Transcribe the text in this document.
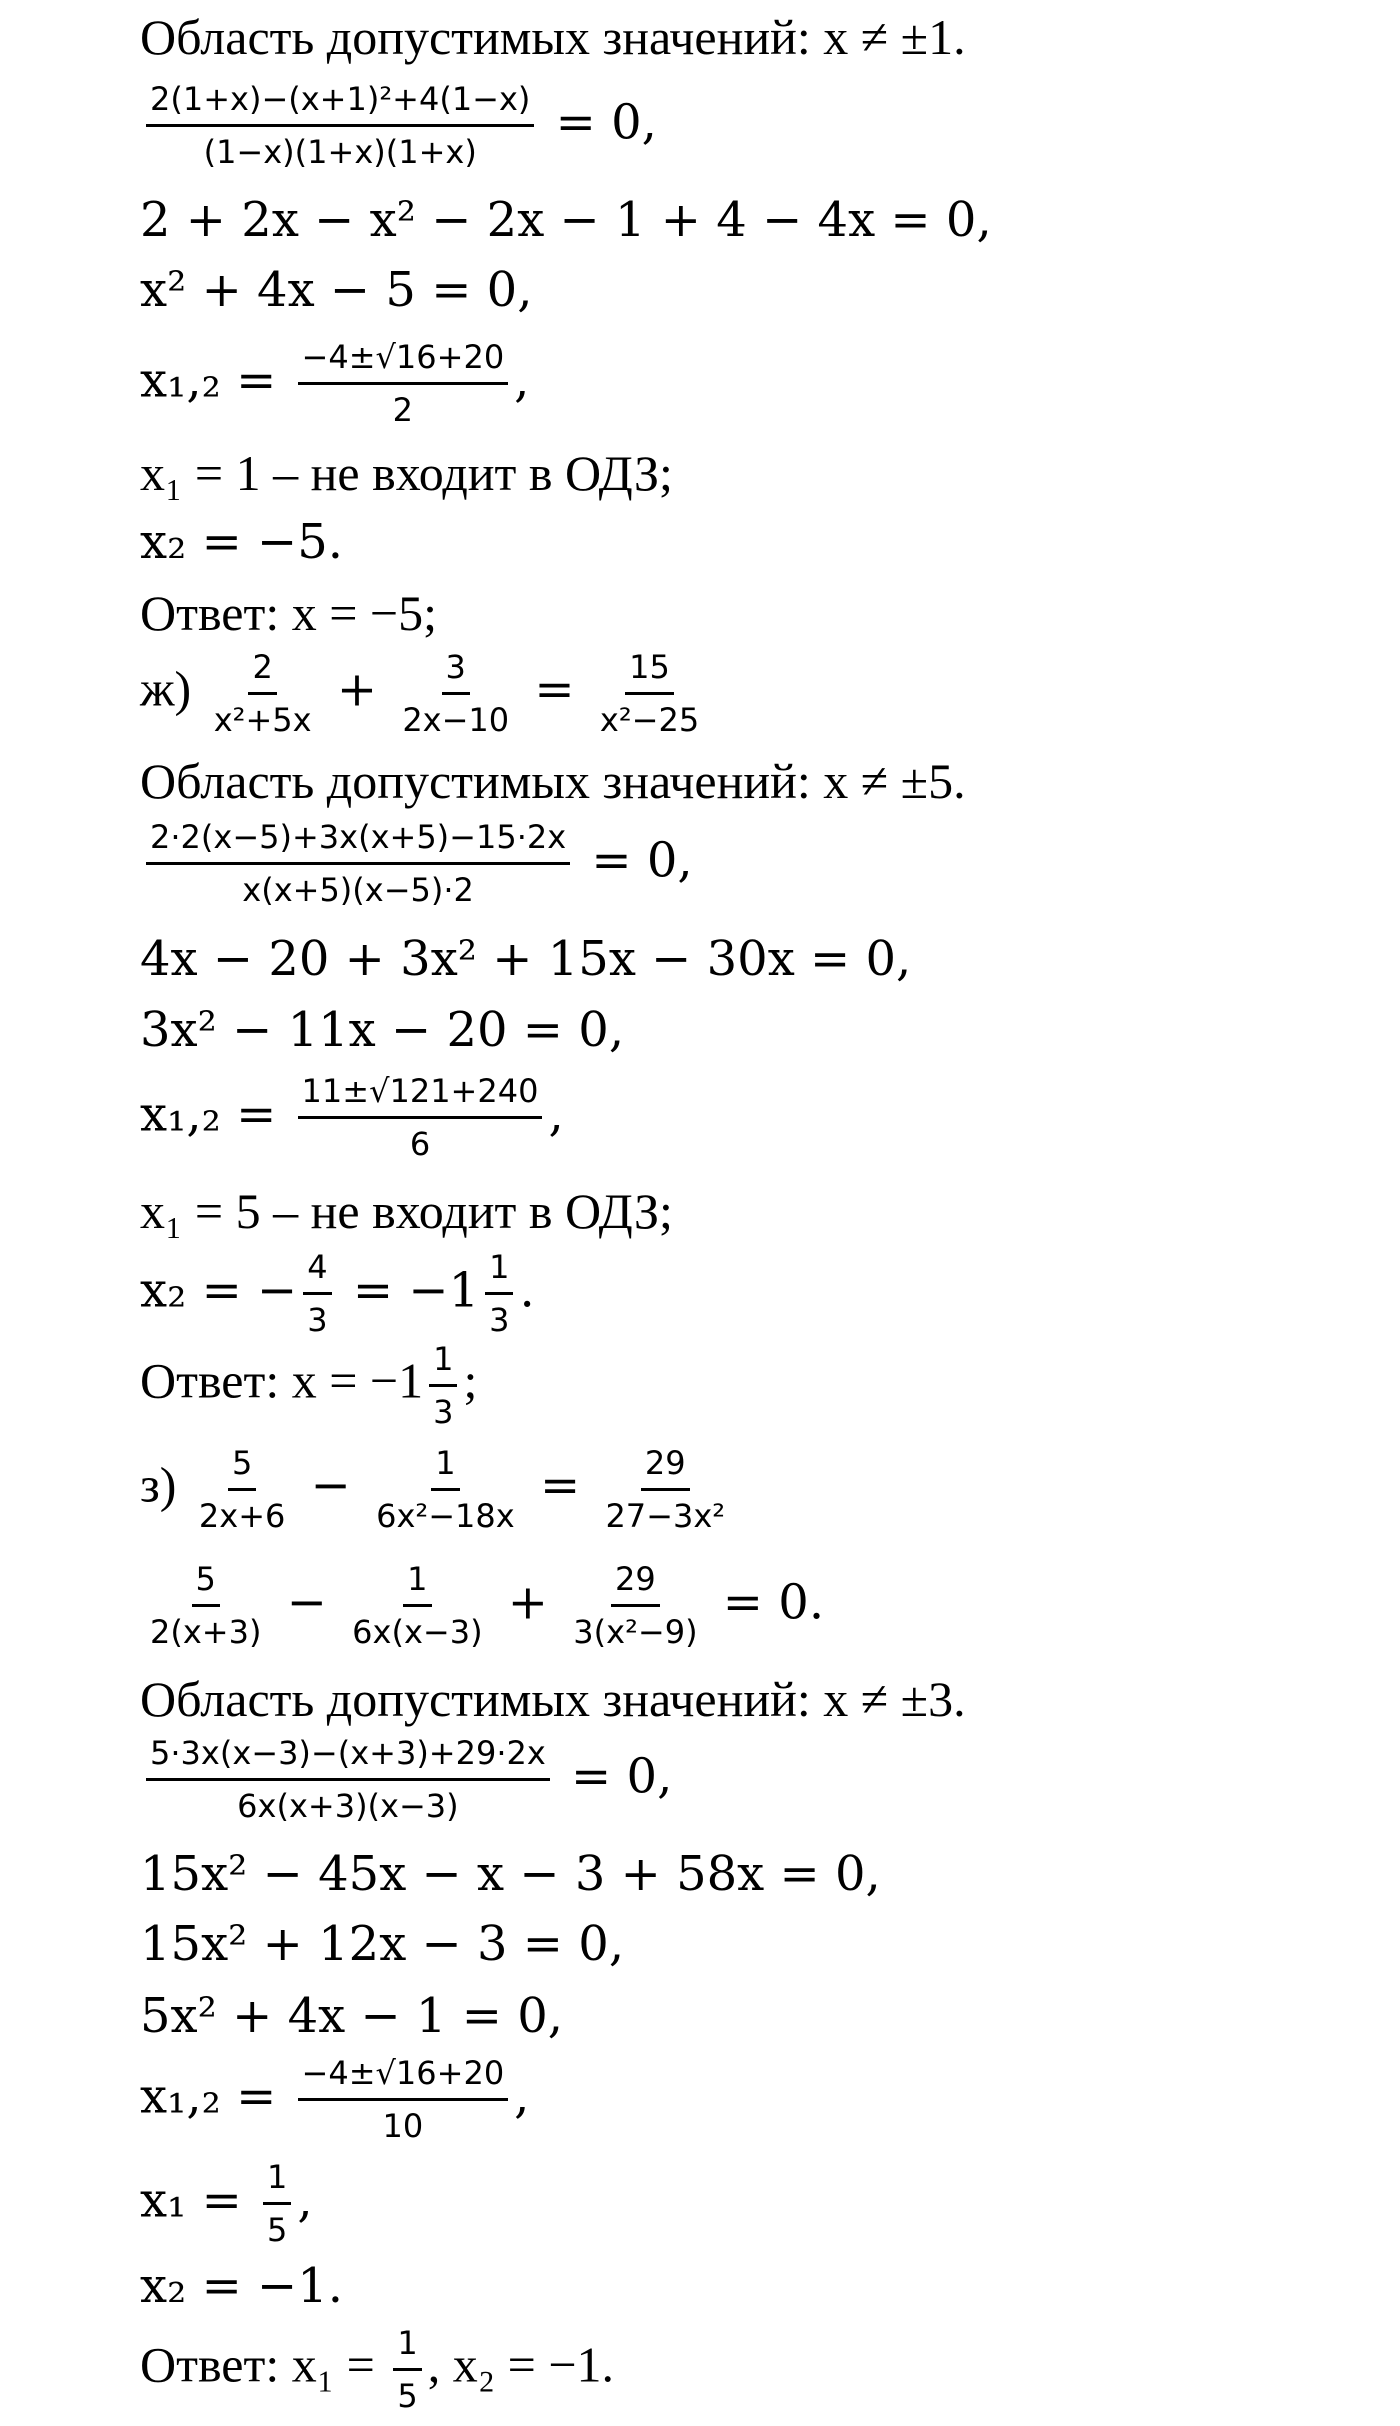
Область допустимых значений: x ≠ ±1.
$\frac{\text{2(1+x)−(x+1)²+4(1−x)}}{(1-x)(1+x)(1+x)} = 0$,
2 + 2x − x² − 2x − 1 + 4 − 4x = 0,
x² + 4x − 5 = 0,
$x_1,_2 = \frac{-4\pm√16+20}{2}$ ,
x₁ = 1 – не входит в ОДЗ;
x₂ = −5.
Ответ: x = −5;
$ж) \frac{2}{\text{x²+5x}} + \frac{3}{2x-10} = \frac{15}{\text{x²−25}}$
Область допустимых значений: x ≠ ±5.
$\frac{2\cdot 2(x-5)+3x(x+5)-15\cdot 2x}{x(x+5)(x-5)\cdot 2} = 0$,
4x − 20 + 3x² + 15x − 30x = 0,
3x² − 11x − 20 = 0,
$x_1,_2 = \frac{11\pm√121+240}{6}$ ,
x₁ = 5 – не входит в ОДЗ;
x₂ = − $\frac{4}{3} = -1 \frac{1}{3}$ .
Ответ: $x = -1 \frac{1}{3}$ ;
$з) \frac{5}{2x+6} - \frac{1}{\text{6x²−18x}} = \frac{29}{\text{27−3x²}}$
$\frac{5}{2(x+3)} - \frac{1}{6x(x-3)} + \frac{29}{\text{3(x²−9)}} = 0$.
Область допустимых значений: x ≠ ±3.
$\frac{5\cdot 3x(x-3)-(x+3)+29\cdot 2x}{6x(x+3)(x-3)} = 0$,
15x² − 45x − x − 3 + 58x = 0,
15x² + 12x − 3 = 0,
5x² + 4x − 1 = 0,
$x_1,_2 = \frac{-4\pm√16+20}{10}$ ,
$x_1 = \frac{1}{5}$ ,
x₂ = −1.
Ответ: $x_1 = \frac{1}{5}$ , x₂ = −1.
